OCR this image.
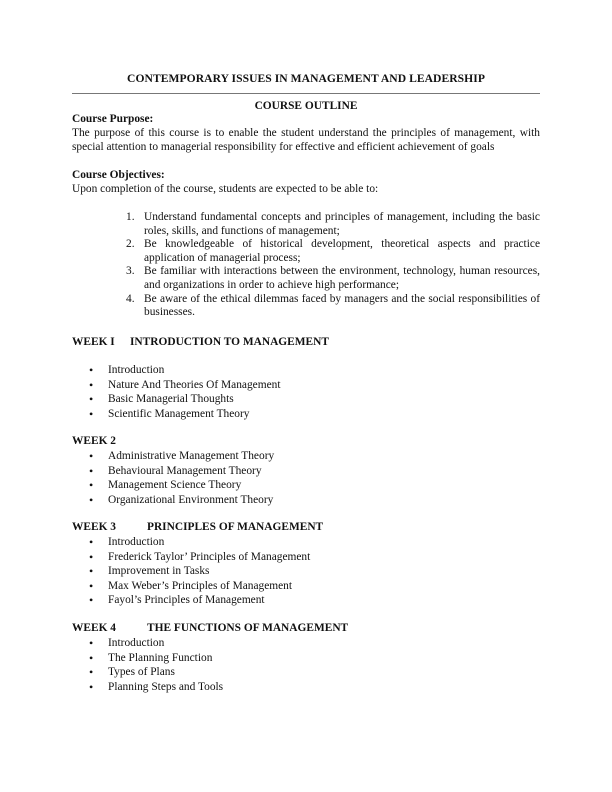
CONTEMPORARY ISSUES IN MANAGEMENT AND LEADERSHIP
COURSE OUTLINE
Course Purpose:
The purpose of this course is to enable the student understand the principles of management, with special attention to managerial responsibility for effective and efficient achievement of goals
Course Objectives:
Upon completion of the course, students are expected to be able to:
1. Understand fundamental concepts and principles of management, including the basic roles, skills, and functions of management;
2. Be knowledgeable of historical development, theoretical aspects and practice application of managerial process;
3. Be familiar with interactions between the environment, technology, human resources, and organizations in order to achieve high performance;
4. Be aware of the ethical dilemmas faced by managers and the social responsibilities of businesses.
WEEK I INTRODUCTION TO MANAGEMENT
• Introduction
• Nature And Theories Of Management
• Basic Managerial Thoughts
• Scientific Management Theory
WEEK 2
• Administrative Management Theory
• Behavioural Management Theory
• Management Science Theory
• Organizational Environment Theory
WEEK 3	PRINCIPLES OF MANAGEMENT
• Introduction
• Frederick Taylor’ Principles of Management
• Improvement in Tasks
• Max Weber’s Principles of Management
• Fayol’s Principles of Management
WEEK 4	THE FUNCTIONS OF MANAGEMENT
• Introduction
• The Planning Function
• Types of Plans
• Planning Steps and Tools
